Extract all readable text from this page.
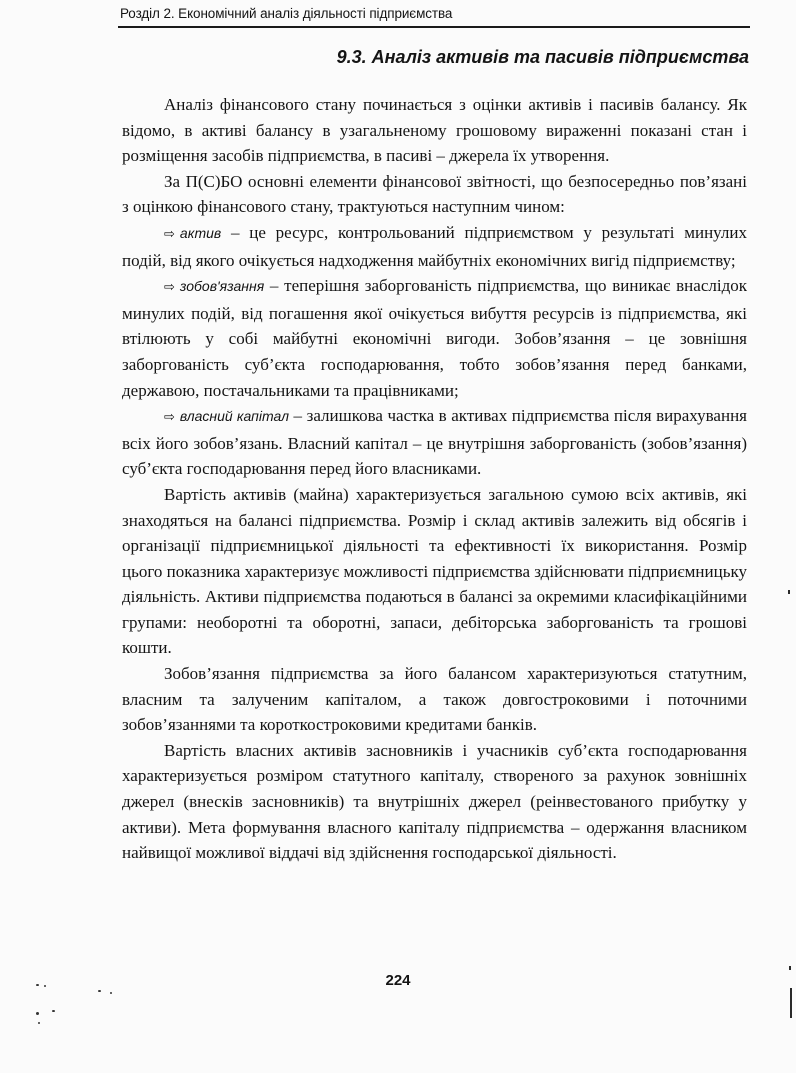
Розділ 2. Економічний аналіз діяльності підприємства
9.3. Аналіз активів та пасивів підприємства

Аналіз фінансового стану починається з оцінки активів і пасивів балансу. Як відомо, в активі балансу в узагальненому грошовому вираженні показані стан і розміщення засобів підприємства, в пасиві – джерела їх утворення.

За П(С)БО основні елементи фінансової звітності, що безпосередньо пов’язані з оцінкою фінансового стану, трактуються наступним чином:

⇨ актив – це ресурс, контрольований підприємством у результаті минулих подій, від якого очікується надходження майбутніх економічних вигід підприємству;

⇨ зобов'язання – теперішня заборгованість підприємства, що виникає внаслідок минулих подій, від погашення якої очікується вибуття ресурсів із підприємства, які втілюють у собі майбутні економічні вигоди. Зобов’язання – це зовнішня заборгованість суб’єкта господарювання, тобто зобов’язання перед банками, державою, постачальниками та працівниками;

⇨ власний капітал – залишкова частка в активах підприємства після вирахування всіх його зобов’язань. Власний капітал – це внутрішня заборгованість (зобов’язання) суб’єкта господарювання перед його власниками.

Вартість активів (майна) характеризується загальною сумою всіх активів, які знаходяться на балансі підприємства. Розмір і склад активів залежить від обсягів і організації підприємницької діяльності та ефективності їх використання. Розмір цього показника характеризує можливості підприємства здійснювати підприємницьку діяльність. Активи підприємства подаються в балансі за окремими класифікаційними групами: необоротні та оборотні, запаси, дебіторська заборгованість та грошові кошти.

Зобов’язання підприємства за його балансом характеризуються статутним, власним та залученим капіталом, а також довгостроковими і поточними зобов’язаннями та короткостроковими кредитами банків.

Вартість власних активів засновників і учасників суб’єкта господарювання характеризується розміром статутного капіталу, створеного за рахунок зовнішніх джерел (внесків засновників) та внутрішніх джерел (реінвестованого прибутку у активи). Мета формування власного капіталу підприємства – одержання власником найвищої можливої віддачі від здійснення господарської діяльності.

224
